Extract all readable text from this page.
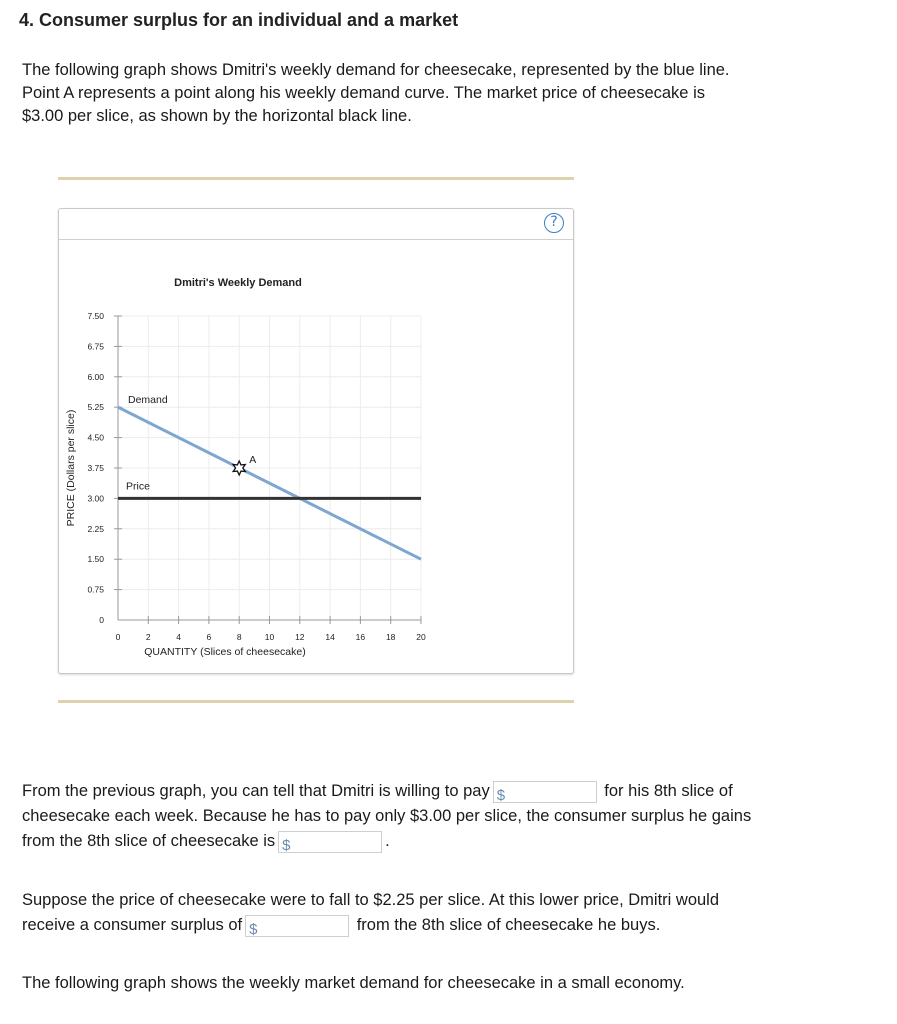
4. Consumer surplus for an individual and a market

The following graph shows Dmitri's weekly demand for cheesecake, represented by the blue line.
Point A represents a point along his weekly demand curve. The market price of cheesecake is
$3.00 per slice, as shown by the horizontal black line.

?
0	2	4	6	8	10 12 14 16 18 20
0
0.75
1.50
2.25
3.00
3.75
4.50
5.25
6.00
6.75
7.50
Demand
Price
A
Dmitri's Weekly Demand
QUANTITY (Slices of cheesecake)
PRICE (Dollars per slice)

From the previous graph, you can tell that Dmitri is willing to pay $	for his 8th slice of
cheesecake each week. Because he has to pay only $3.00 per slice, the consumer surplus he gains
from the 8th slice of cheesecake is $	.

Suppose the price of cheesecake were to fall to $2.25 per slice. At this lower price, Dmitri would
receive a consumer surplus of $	from the 8th slice of cheesecake he buys.

The following graph shows the weekly market demand for cheesecake in a small economy.
